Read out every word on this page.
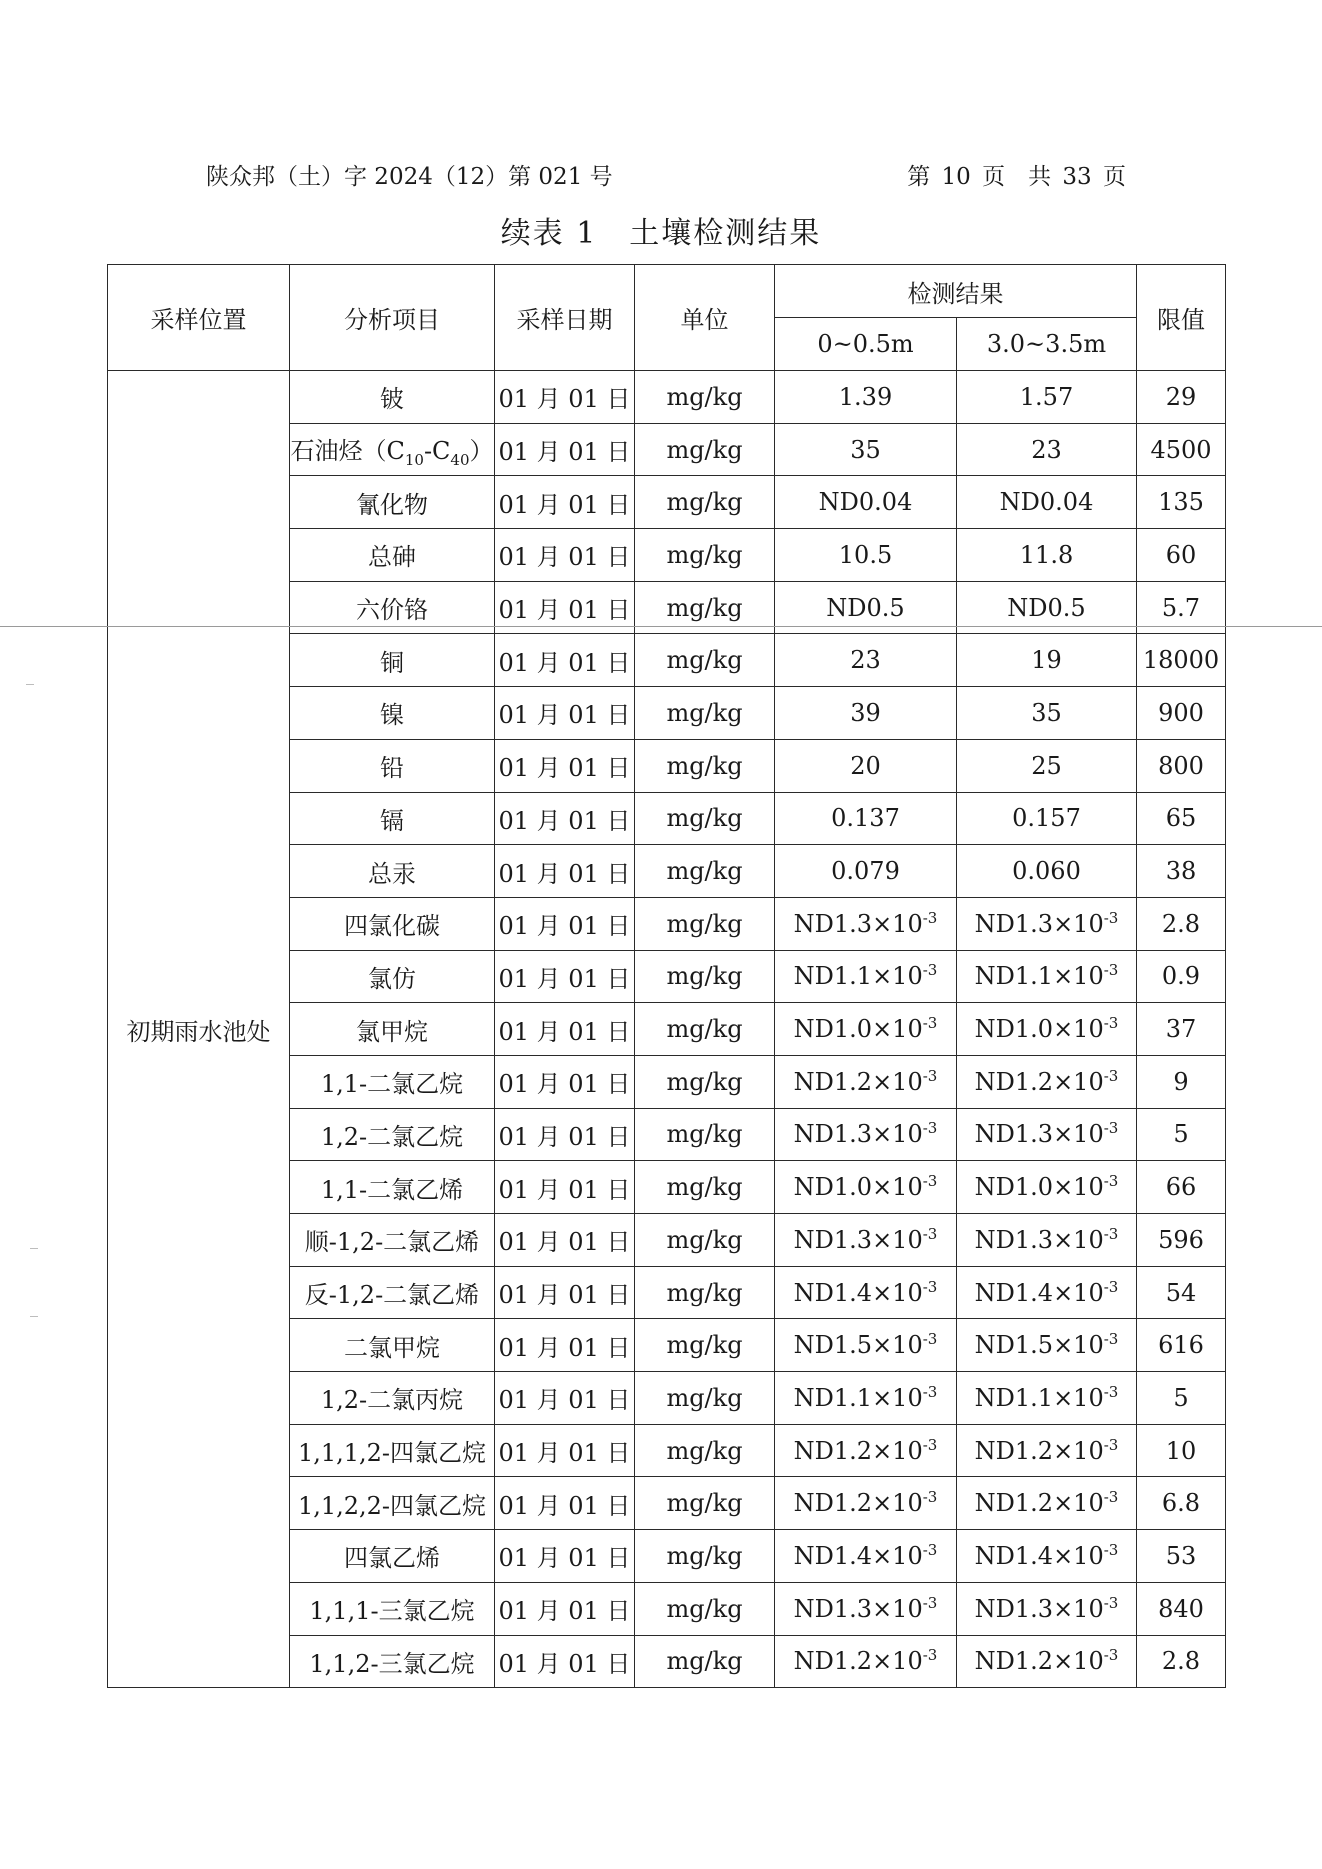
陕众邦（土）字 2024（12）第 021 号	第 10 页　共 33 页
续表 1　土壤检测结果
采样位置	分析项目	采样日期	单位	检测结果		限值
				0~0.5m	3.0~3.5m	
初期雨水池处	铍	01 月 01 日	mg/kg	1.39	1.57	29
	石油烃$(C_{10}-C_{40})$	01 月 01 日	mg/kg	35	23	4500
	氰化物	01 月 01 日	mg/kg	ND0.04	ND0.04	135
	总砷	01 月 01 日	mg/kg	10.5	11.8	60
	六价铬	01 月 01 日	mg/kg	ND0.5	ND0.5	5.7
	铜	01 月 01 日	mg/kg	23	19	18000
	镍	01 月 01 日	mg/kg	39	35	900
	铅	01 月 01 日	mg/kg	20	25	800
	镉	01 月 01 日	mg/kg	0.137	0.157	65
	总汞	01 月 01 日	mg/kg	0.079	0.060	38
	四氯化碳	01 月 01 日	mg/kg	$ND1.3\times 10^{-3}$	$ND1.3\times 10^{-3}$	2.8
	氯仿	01 月 01 日	mg/kg	$ND1.1\times 10^{-3}$	$ND1.1\times 10^{-3}$	0.9
	氯甲烷	01 月 01 日	mg/kg	$ND1.0\times 10^{-3}$	$ND1.0\times 10^{-3}$	37
	1,1-二氯乙烷	01 月 01 日	mg/kg	$ND1.2\times 10^{-3}$	$ND1.2\times 10^{-3}$	9
	1,2-二氯乙烷	01 月 01 日	mg/kg	$ND1.3\times 10^{-3}$	$ND1.3\times 10^{-3}$	5
	1,1-二氯乙烯	01 月 01 日	mg/kg	$ND1.0\times 10^{-3}$	$ND1.0\times 10^{-3}$	66
	顺-1,2-二氯乙烯	01 月 01 日	mg/kg	$ND1.3\times 10^{-3}$	$ND1.3\times 10^{-3}$	596
	反-1,2-二氯乙烯	01 月 01 日	mg/kg	$ND1.4\times 10^{-3}$	$ND1.4\times 10^{-3}$	54
	二氯甲烷	01 月 01 日	mg/kg	$ND1.5\times 10^{-3}$	$ND1.5\times 10^{-3}$	616
	1,2-二氯丙烷	01 月 01 日	mg/kg	$ND1.1\times 10^{-3}$	$ND1.1\times 10^{-3}$	5
	1,1,1,2-四氯乙烷	01 月 01 日	mg/kg	$ND1.2\times 10^{-3}$	$ND1.2\times 10^{-3}$	10
	1,1,2,2-四氯乙烷	01 月 01 日	mg/kg	$ND1.2\times 10^{-3}$	$ND1.2\times 10^{-3}$	6.8
	四氯乙烯	01 月 01 日	mg/kg	$ND1.4\times 10^{-3}$	$ND1.4\times 10^{-3}$	53
	1,1,1-三氯乙烷	01 月 01 日	mg/kg	$ND1.3\times 10^{-3}$	$ND1.3\times 10^{-3}$	840
	1,1,2-三氯乙烷	01 月 01 日	mg/kg	$ND1.2\times 10^{-3}$	$ND1.2\times 10^{-3}$	2.8
